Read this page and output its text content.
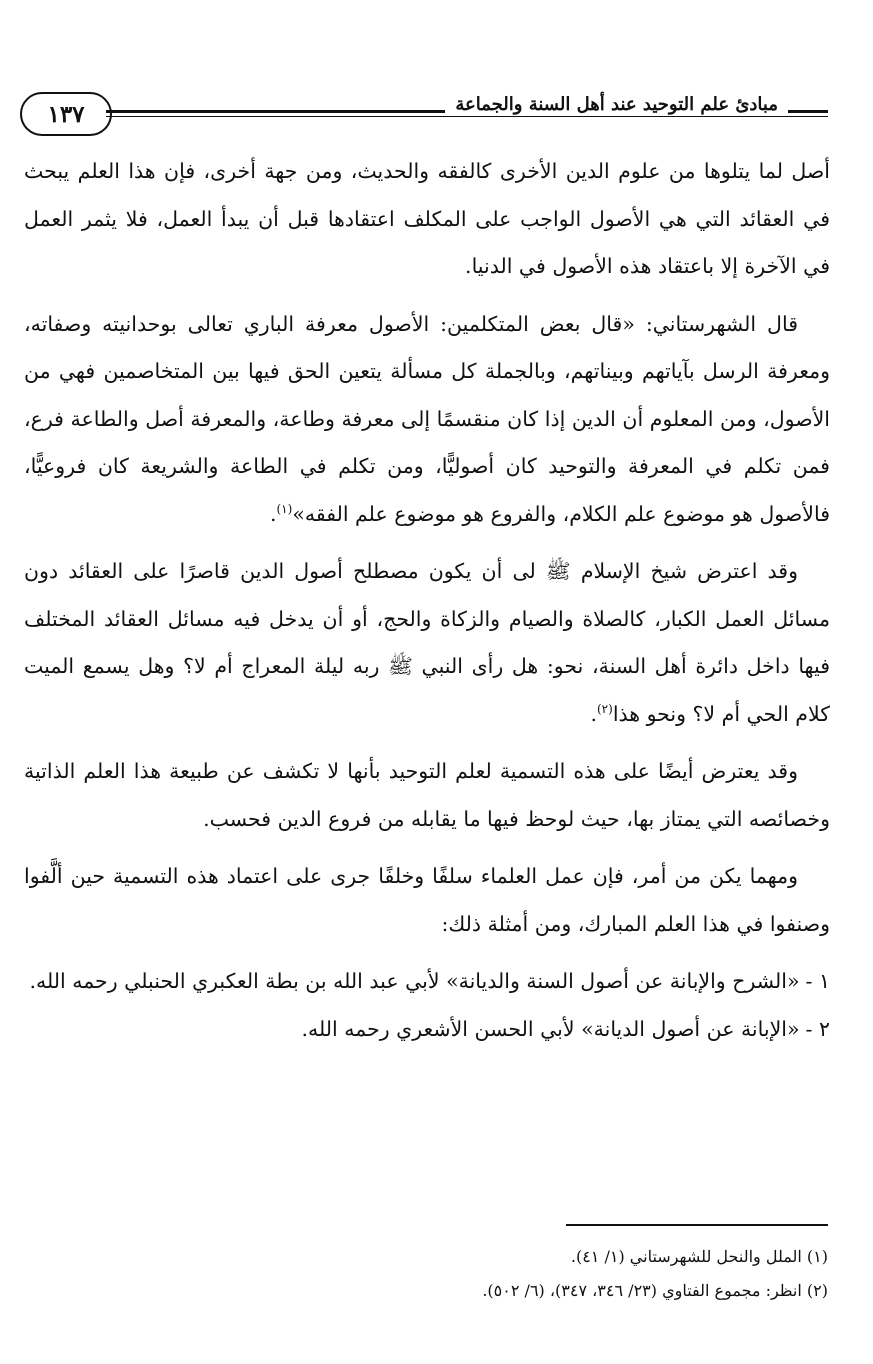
مبادئ علم التوحيد عند أهل السنة والجماعة
١٣٧

أصل لما يتلوها من علوم الدين الأخرى كالفقه والحديث، ومن جهة أخرى، فإن هذا العلم يبحث في العقائد التي هي الأصول الواجب على المكلف اعتقادها قبل أن يبدأ العمل، فلا يثمر العمل في الآخرة إلا باعتقاد هذه الأصول في الدنيا.

قال الشهرستاني: «قال بعض المتكلمين: الأصول معرفة الباري تعالى بوحدانيته وصفاته، ومعرفة الرسل بآياتهم وبيناتهم، وبالجملة كل مسألة يتعين الحق فيها بين المتخاصمين فهي من الأصول، ومن المعلوم أن الدين إذا كان منقسمًا إلى معرفة وطاعة، والمعرفة أصل والطاعة فرع، فمن تكلم في المعرفة والتوحيد كان أصوليًّا، ومن تكلم في الطاعة والشريعة كان فروعيًّا، فالأصول هو موضوع علم الكلام، والفروع هو موضوع علم الفقه»$^{(١)}$.

وقد اعترض شيخ الإسلام ﷺ لى أن يكون مصطلح أصول الدين قاصرًا على العقائد دون مسائل العمل الكبار، كالصلاة والصيام والزكاة والحج، أو أن يدخل فيه مسائل العقائد المختلف فيها داخل دائرة أهل السنة، نحو: هل رأى النبي ﷺ ربه ليلة المعراج أم لا؟ وهل يسمع الميت كلام الحي أم لا؟ ونحو هذا$^{(٢)}$.

وقد يعترض أيضًا على هذه التسمية لعلم التوحيد بأنها لا تكشف عن طبيعة هذا العلم الذاتية وخصائصه التي يمتاز بها، حيث لوحظ فيها ما يقابله من فروع الدين فحسب.

ومهما يكن من أمر، فإن عمل العلماء سلفًا وخلفًا جرى على اعتماد هذه التسمية حين ألَّفوا وصنفوا في هذا العلم المبارك، ومن أمثلة ذلك:

١ -«الشرح والإبانة عن أصول السنة والديانة» لأبي عبد الله بن بطة العكبري الحنبلي رحمه الله.
٢ -«الإبانة عن أصول الديانة» لأبي الحسن الأشعري رحمه الله.
(١) الملل والنحل للشهرستاني (١/ ٤١).
(٢) انظر: مجموع الفتاوي (٢٣/ ٣٤٦، ٣٤٧)، (٦/ ٥٠٢).
